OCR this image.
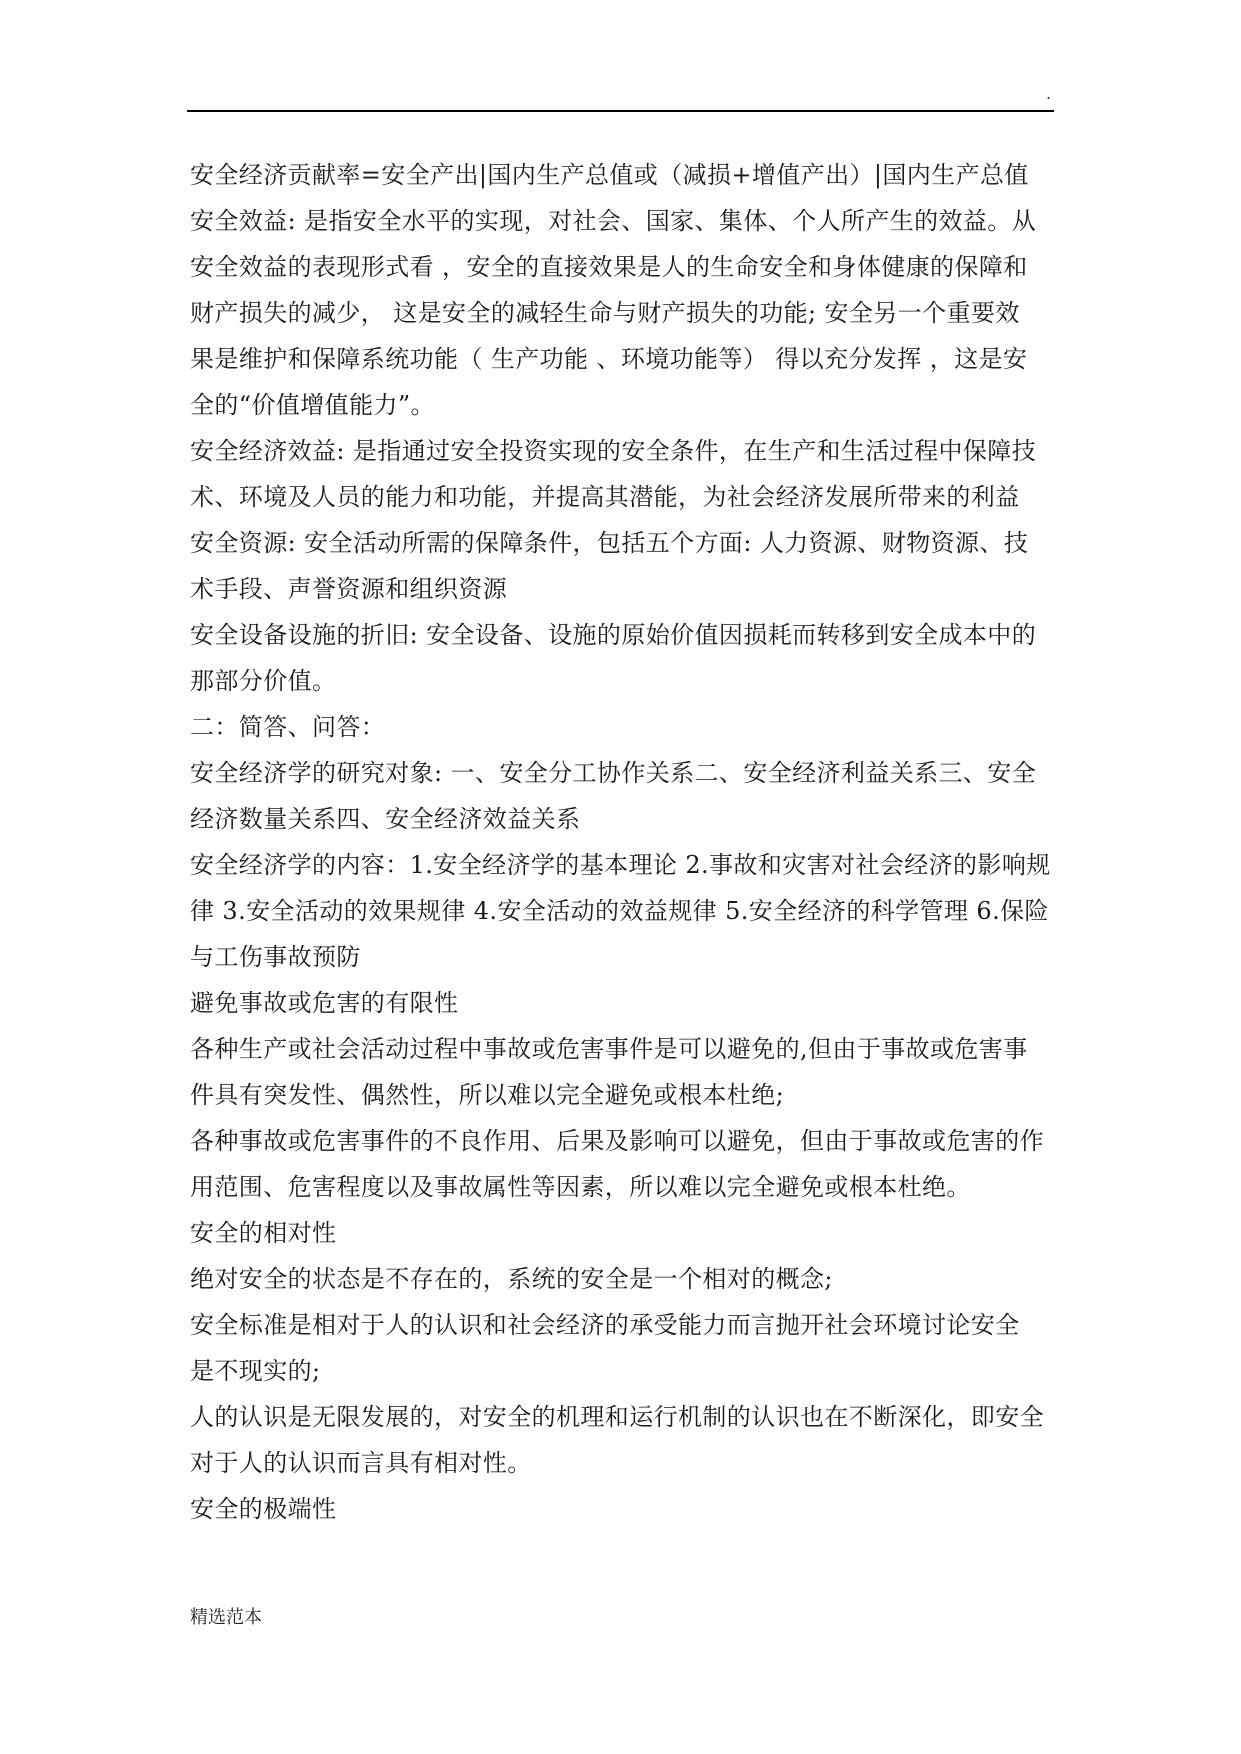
.
安全经济贡献率=安全产出|国内生产总值或（减损+增值产出）|国内生产总值
安全效益: 是指安全水平的实现，对社会、国家、集体、个人所产生的效益。从
安全效益的表现形式看 ，安全的直接效果是人的生命安全和身体健康的保障和
财产损失的减少， 这是安全的减轻生命与财产损失的功能; 安全另一个重要效
果是维护和保障系统功能（ 生产功能 、环境功能等） 得以充分发挥 ，这是安
全的“价值增值能力”。
安全经济效益: 是指通过安全投资实现的安全条件，在生产和生活过程中保障技
术、环境及人员的能力和功能，并提高其潜能，为社会经济发展所带来的利益
安全资源: 安全活动所需的保障条件，包括五个方面: 人力资源、财物资源、技
术手段、声誉资源和组织资源
安全设备设施的折旧: 安全设备、设施的原始价值因损耗而转移到安全成本中的
那部分价值。
二：简答、问答：
安全经济学的研究对象: 一、安全分工协作关系二、安全经济利益关系三、安全
经济数量关系四、安全经济效益关系
安全经济学的内容：1.安全经济学的基本理论 2.事故和灾害对社会经济的影响规
律 3.安全活动的效果规律 4.安全活动的效益规律 5.安全经济的科学管理 6.保险
与工伤事故预防
避免事故或危害的有限性
各种生产或社会活动过程中事故或危害事件是可以避免的,但由于事故或危害事
件具有突发性、偶然性，所以难以完全避免或根本杜绝;
各种事故或危害事件的不良作用、后果及影响可以避免，但由于事故或危害的作
用范围、危害程度以及事故属性等因素，所以难以完全避免或根本杜绝。
安全的相对性
绝对安全的状态是不存在的，系统的安全是一个相对的概念;
安全标准是相对于人的认识和社会经济的承受能力而言抛开社会环境讨论安全
是不现实的;
人的认识是无限发展的，对安全的机理和运行机制的认识也在不断深化，即安全
对于人的认识而言具有相对性。
安全的极端性
精选范本
